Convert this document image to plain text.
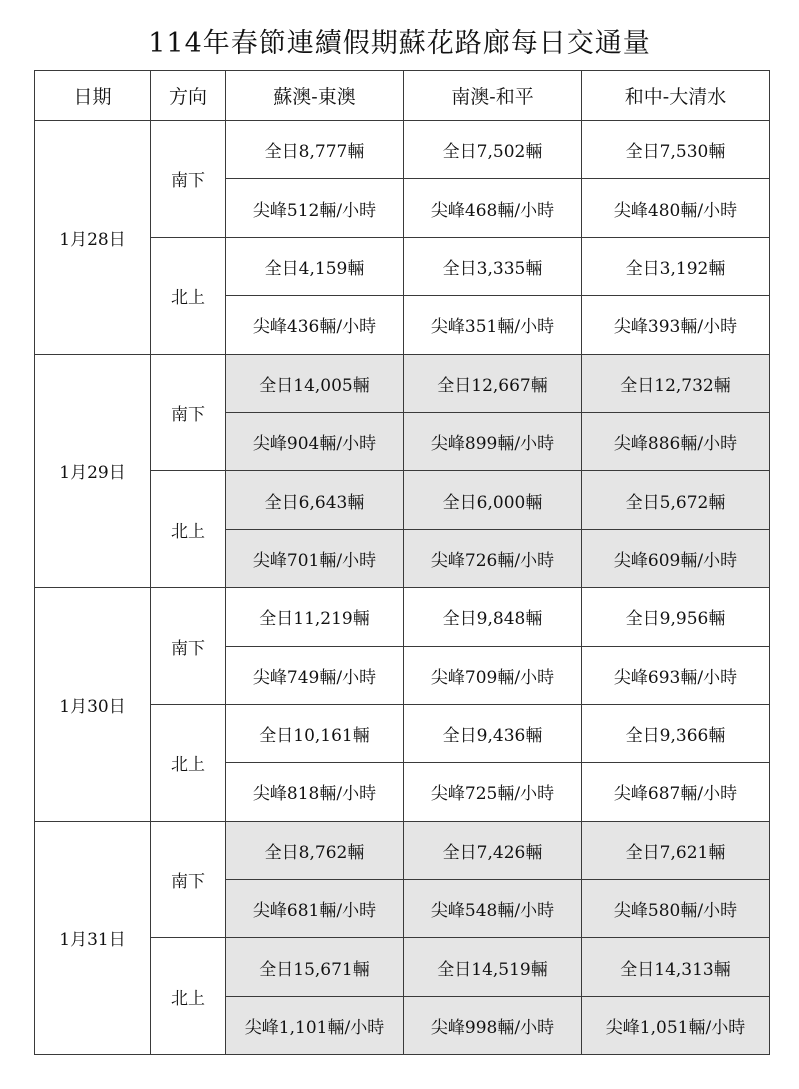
114年春節連續假期蘇花路廊每日交通量
日期	方向	蘇澳-東澳	南澳-和平	和中-大清水
1月28日	南下	全日8,777輛	全日7,502輛	全日7,530輛
		尖峰512輛/小時	尖峰468輛/小時	尖峰480輛/小時
	北上	全日4,159輛	全日3,335輛	全日3,192輛
		尖峰436輛/小時	尖峰351輛/小時	尖峰393輛/小時
1月29日	南下	全日14,005輛	全日12,667輛	全日12,732輛
		尖峰904輛/小時	尖峰899輛/小時	尖峰886輛/小時
	北上	全日6,643輛	全日6,000輛	全日5,672輛
		尖峰701輛/小時	尖峰726輛/小時	尖峰609輛/小時
1月30日	南下	全日11,219輛	全日9,848輛	全日9,956輛
		尖峰749輛/小時	尖峰709輛/小時	尖峰693輛/小時
	北上	全日10,161輛	全日9,436輛	全日9,366輛
		尖峰818輛/小時	尖峰725輛/小時	尖峰687輛/小時
1月31日	南下	全日8,762輛	全日7,426輛	全日7,621輛
		尖峰681輛/小時	尖峰548輛/小時	尖峰580輛/小時
	北上	全日15,671輛	全日14,519輛	全日14,313輛
		尖峰1,101輛/小時	尖峰998輛/小時	尖峰1,051輛/小時
